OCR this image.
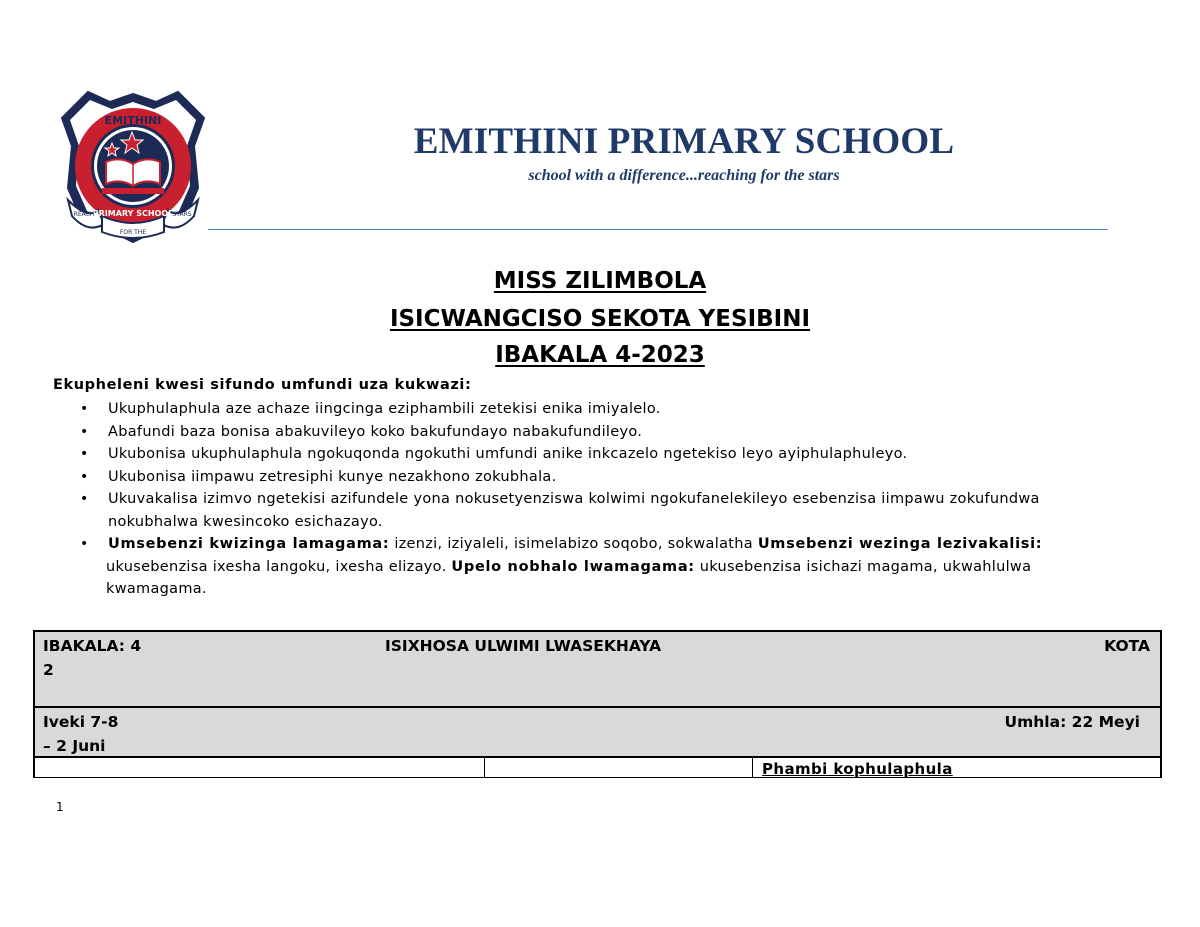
EMITHINI
PRIMARY SCHOOL
REACH
FOR THE
STARS
EMITHINI PRIMARY SCHOOL
school with a difference...reaching for the stars
MISS ZILIMBOLA
ISICWANGCISO SEKOTA YESIBINI
IBAKALA 4-2023
Ekupheleni kwesi sifundo umfundi uza kukwazi:
• Ukuphulaphula aze achaze iingcinga eziphambili zetekisi enika imiyalelo.
• Abafundi baza bonisa abakuvileyo koko bakufundayo nabakufundileyo.
• Ukubonisa ukuphulaphula ngokuqonda ngokuthi umfundi anike inkcazelo ngetekiso leyo ayiphulaphuleyo.
• Ukubonisa iimpawu zetresiphi kunye nezakhono zokubhala.
• Ukuvakalisa izimvo ngetekisi azifundele yona nokusetyenziswa kolwimi ngokufanelekileyo esebenzisa iimpawu zokufundwa
nokubhalwa kwesincoko esichazayo.
• Umsebenzi kwizinga lamagama: izenzi, iziyaleli, isimelabizo soqobo, sokwalatha Umsebenzi wezinga lezivakalisi:
ukusebenzisa ixesha langoku, ixesha elizayo. Upelo nobhalo lwamagama: ukusebenzisa isichazi magama, ukwahlulwa
kwamagama.
IBAKALA: 4
2
ISIXHOSA ULWIMI LWASEKHAYA	KOTA
Iveki 7-8
– 2 Juni
Umhla: 22 Meyi
Phambi kophulaphula
1
